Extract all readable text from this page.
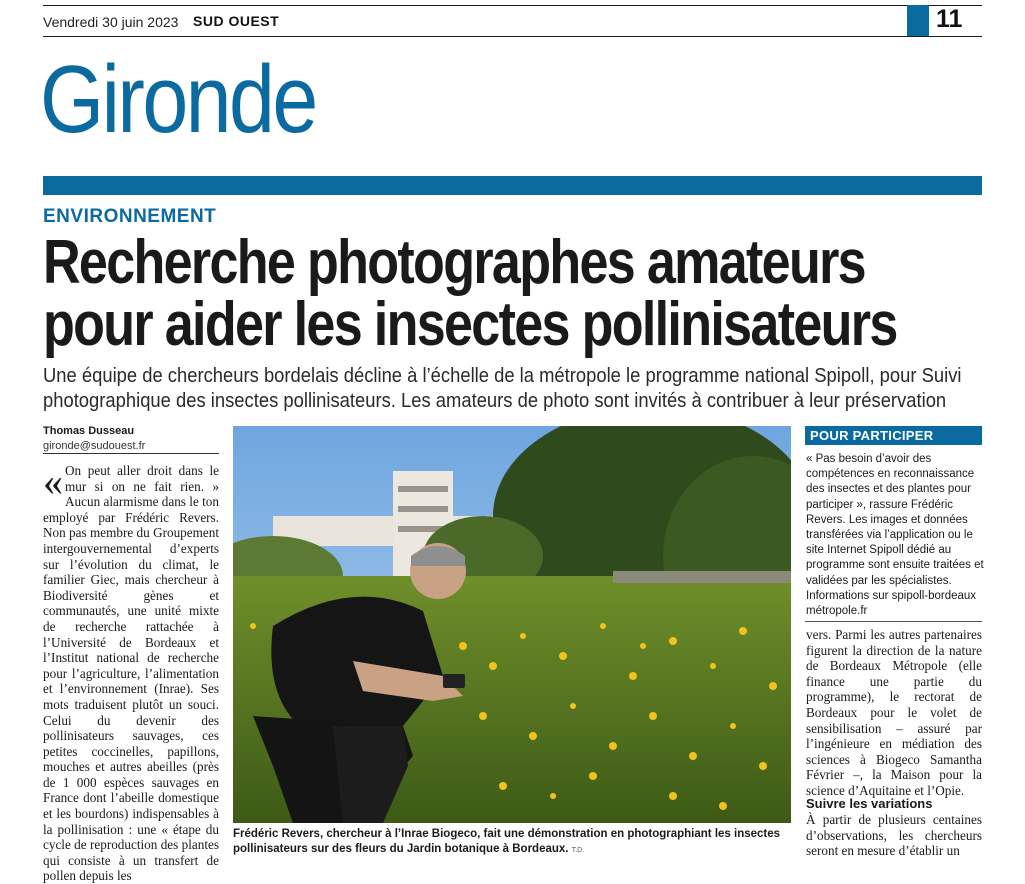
Vendredi 30 juin 2023 SUD OUEST	11
Gironde
ENVIRONNEMENT
Recherche photographes amateurs
pour aider les insectes pollinisateurs
Une équipe de chercheurs bordelais décline à l’échelle de la métropole le programme national Spipoll, pour Suivi
photographique des insectes pollinisateurs. Les amateurs de photo sont invités à contribuer à leur préservation
Thomas Dusseau
gironde@sudouest.fr
« On peut aller droit dans le mur si on ne fait rien. » Aucun alarmisme dans le ton employé par Frédéric Revers. Non pas membre du Groupement intergouvernemental d’experts sur l’évolution du climat, le familier Giec, mais chercheur à Biodiversité gènes et communautés, une unité mixte de recherche rattachée à l’Université de Bordeaux et l’Institut national de recherche pour l’agriculture, l’alimentation et l’environnement (Inrae). Ses mots traduisent plutôt un souci. Celui du devenir des pollinisateurs sauvages, ces petites coccinelles, papillons, mouches et autres abeilles (près de 1 000 espèces sauvages en France dont l’abeille domestique et les bourdons) indispensables à la pollinisation : une « étape du cycle de reproduction des plantes qui consiste à un transfert de pollen depuis les

Frédéric Revers, chercheur à l’Inrae Biogeco, fait une démonstration en photographiant les insectes pollinisateurs sur des fleurs du Jardin botanique à Bordeaux. T.D.
POUR PARTICIPER
« Pas besoin d’avoir des compétences en reconnaissance des insectes et des plantes pour participer », rassure Frédéric Revers. Les images et données transférées via l’application ou le site Internet Spipoll dédié au programme sont ensuite traitées et validées par les spécialistes. Informations sur spipoll-bordeaux métropole.fr

vers. Parmi les autres partenaires figurent la direction de la nature de Bordeaux Métropole (elle finance une partie du programme), le rectorat de Bordeaux pour le volet de sensibilisation – assuré par l’ingénieure en médiation des sciences à Biogeco Samantha Février –, la Maison pour la science d’Aquitaine et l’Opie.

Suivre les variations
À partir de plusieurs centaines d’observations, les chercheurs seront en mesure d’établir un
